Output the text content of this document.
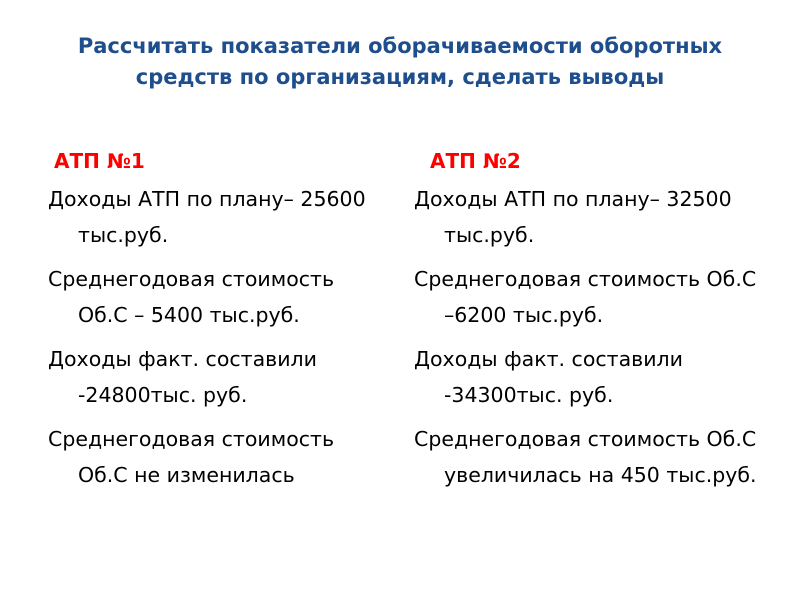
Рассчитать показатели оборачиваемости оборотных средств по организациям, сделать выводы
АТП №1

Доходы АТП по плану– 25600 тыс.руб.

Среднегодовая стоимость Об.С – 5400 тыс.руб.

Доходы факт. составили -24800тыс. руб.

Среднегодовая стоимость Об.С не изменилась

АТП №2

Доходы АТП по плану– 32500 тыс.руб.

Среднегодовая стоимость Об.С –6200 тыс.руб.

Доходы факт. составили -34300тыс. руб.

Среднегодовая стоимость Об.С увеличилась на 450 тыс.руб.
